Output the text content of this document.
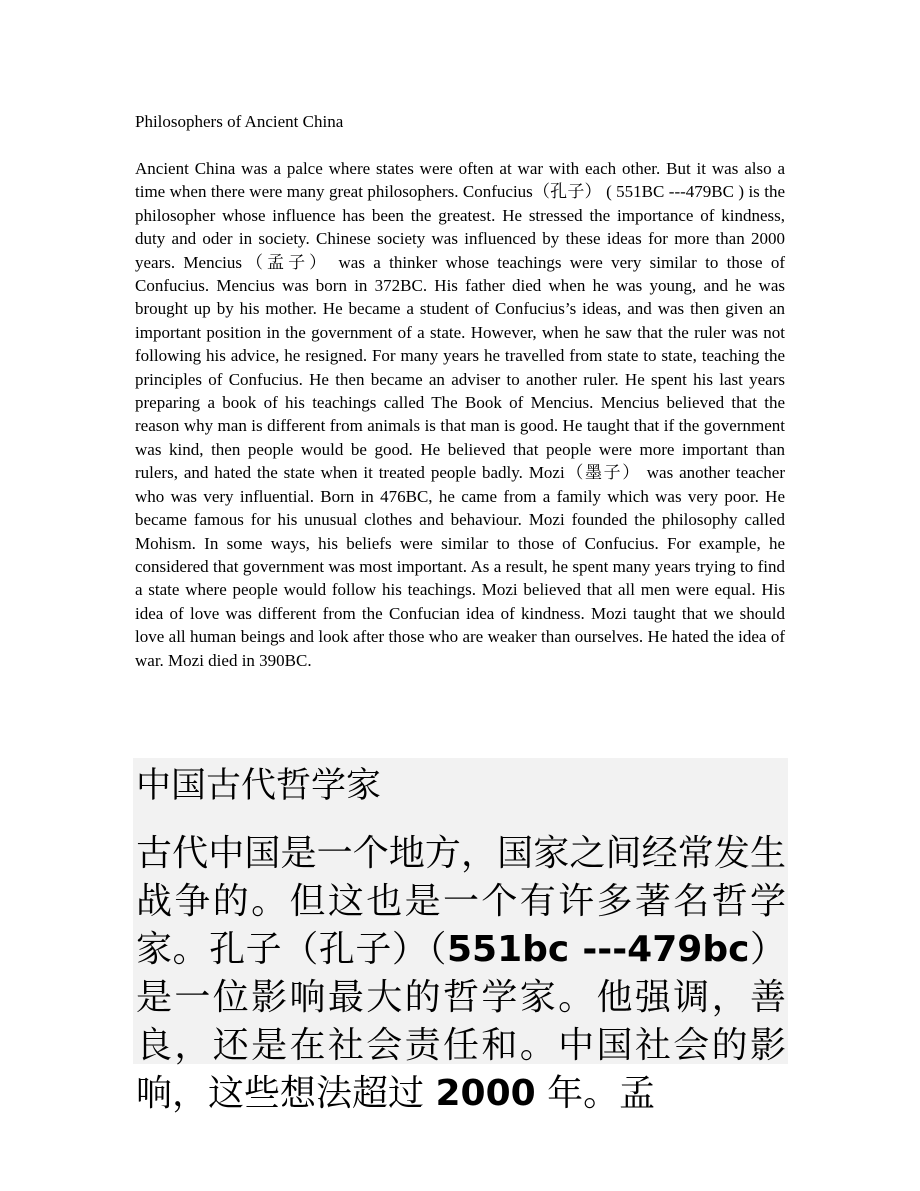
Philosophers of Ancient China
Ancient China was a palce where states were often at war with each other. But it was also a time when there were many great philosophers. Confucius（孔子） ( 551BC ---479BC ) is the philosopher whose influence has been the greatest. He stressed the importance of kindness, duty and oder in society. Chinese society was influenced by these ideas for more than 2000 years. Mencius（孟子） was a thinker whose teachings were very similar to those of Confucius. Mencius was born in 372BC. His father died when he was young, and he was brought up by his mother. He became a student of Confucius’s ideas, and was then given an important position in the government of a state. However, when he saw that the ruler was not following his advice, he resigned. For many years he travelled from state to state, teaching the principles of Confucius. He then became an adviser to another ruler. He spent his last years preparing a book of his teachings called The Book of Mencius. Mencius believed that the reason why man is different from animals is that man is good. He taught that if the government was kind, then people would be good. He believed that people were more important than rulers, and hated the state when it treated people badly. Mozi（墨子） was another teacher who was very influential. Born in 476BC, he came from a family which was very poor. He became famous for his unusual clothes and behaviour. Mozi founded the philosophy called Mohism. In some ways, his beliefs were similar to those of Confucius. For example, he considered that government was most important. As a result, he spent many years trying to find a state where people would follow his teachings. Mozi believed that all men were equal. His idea of love was different from the Confucian idea of kindness. Mozi taught that we should love all human beings and look after those who are weaker than ourselves. He hated the idea of war. Mozi died in 390BC.
中国古代哲学家
古代中国是一个地方，国家之间经常发生战争的。但这也是一个有许多著名哲学家。孔子（孔子）（551bc ---479bc）是一位影响最大的哲学家。他强调，善良，还是在社会责任和。中国社会的影响，这些想法超过 2000 年。孟
